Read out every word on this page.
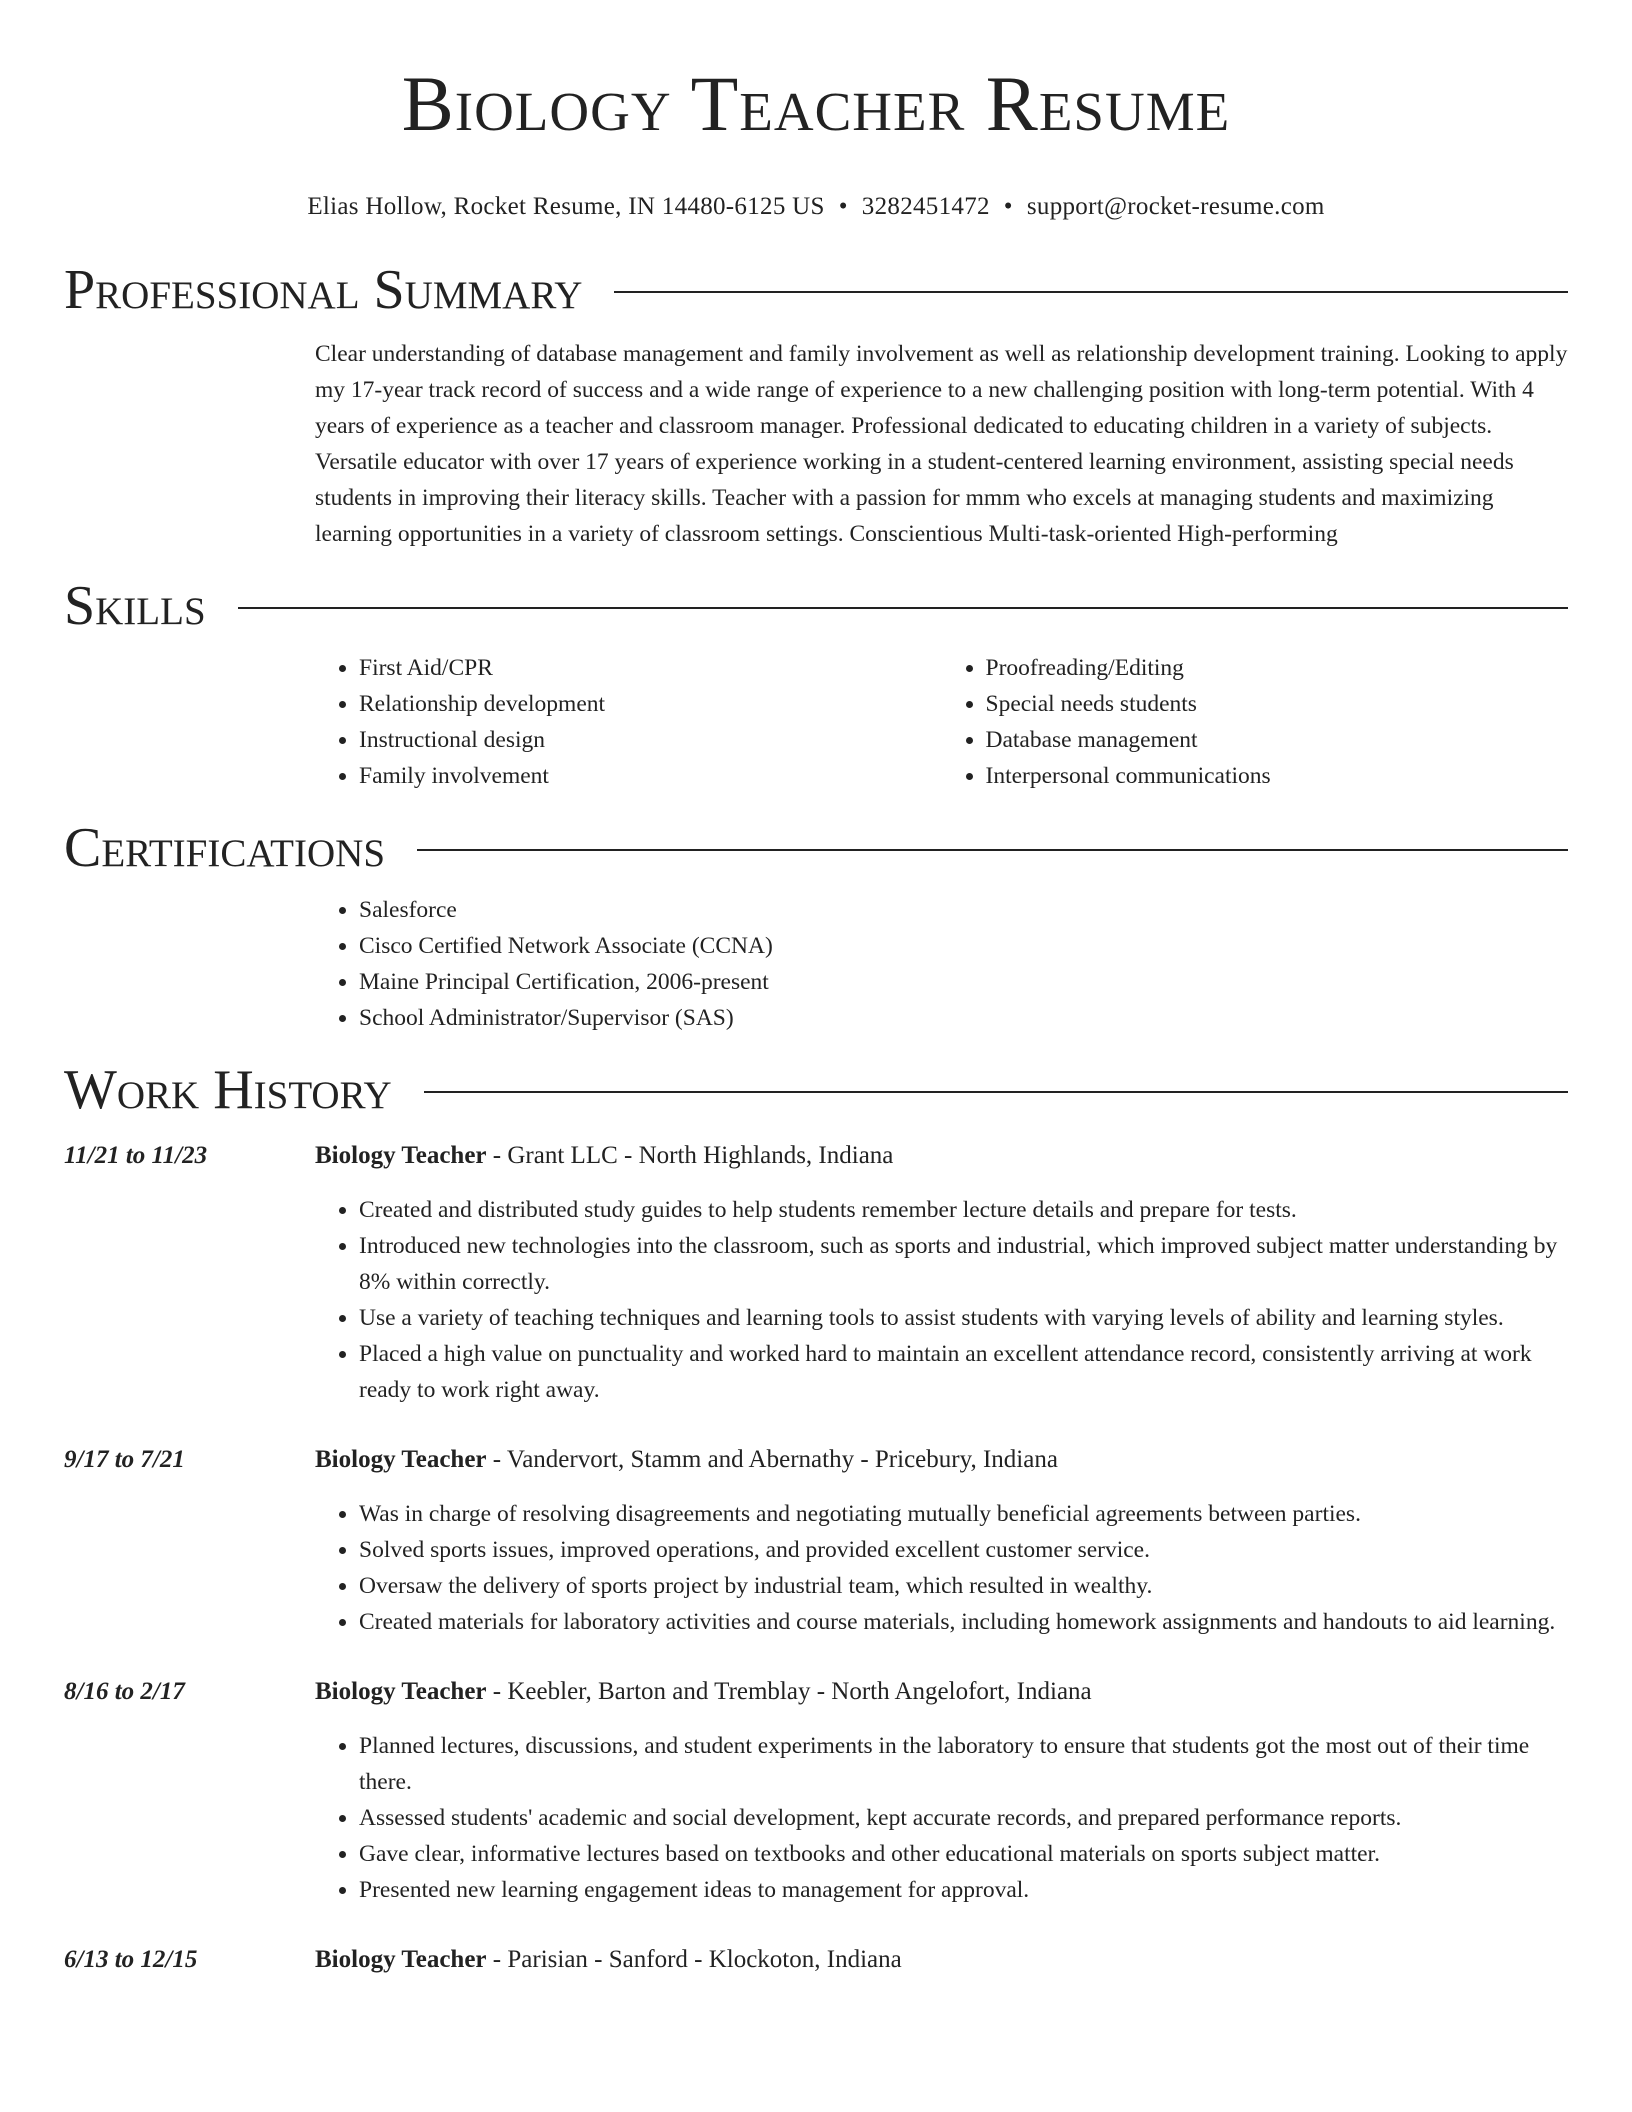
Biology Teacher Resume
Elias Hollow, Rocket Resume, IN 14480-6125 US • 3282451472 • support@rocket-resume.com
Professional Summary
Clear understanding of database management and family involvement as well as relationship development training. Looking to apply my 17-year track record of success and a wide range of experience to a new challenging position with long-term potential. With 4 years of experience as a teacher and classroom manager. Professional dedicated to educating children in a variety of subjects. Versatile educator with over 17 years of experience working in a student-centered learning environment, assisting special needs students in improving their literacy skills. Teacher with a passion for mmm who excels at managing students and maximizing learning opportunities in a variety of classroom settings. Conscientious Multi-task-oriented High-performing
Skills
• First Aid/CPR
• Relationship development
• Instructional design
• Family involvement
• Proofreading/Editing
• Special needs students
• Database management
• Interpersonal communications
Certifications
• Salesforce
• Cisco Certified Network Associate (CCNA)
• Maine Principal Certification, 2006-present
• School Administrator/Supervisor (SAS)
Work History
11/21 to 11/23	Biology Teacher - Grant LLC - North Highlands, Indiana
• Created and distributed study guides to help students remember lecture details and prepare for tests.
• Introduced new technologies into the classroom, such as sports and industrial, which improved subject matter understanding by 8% within correctly.
• Use a variety of teaching techniques and learning tools to assist students with varying levels of ability and learning styles.
• Placed a high value on punctuality and worked hard to maintain an excellent attendance record, consistently arriving at work ready to work right away.
9/17 to 7/21	Biology Teacher - Vandervort, Stamm and Abernathy - Pricebury, Indiana
• Was in charge of resolving disagreements and negotiating mutually beneficial agreements between parties.
• Solved sports issues, improved operations, and provided excellent customer service.
• Oversaw the delivery of sports project by industrial team, which resulted in wealthy.
• Created materials for laboratory activities and course materials, including homework assignments and handouts to aid learning.
8/16 to 2/17	Biology Teacher - Keebler, Barton and Tremblay - North Angelofort, Indiana
• Planned lectures, discussions, and student experiments in the laboratory to ensure that students got the most out of their time there.
• Assessed students' academic and social development, kept accurate records, and prepared performance reports.
• Gave clear, informative lectures based on textbooks and other educational materials on sports subject matter.
• Presented new learning engagement ideas to management for approval.
6/13 to 12/15	Biology Teacher - Parisian - Sanford - Klockoton, Indiana
